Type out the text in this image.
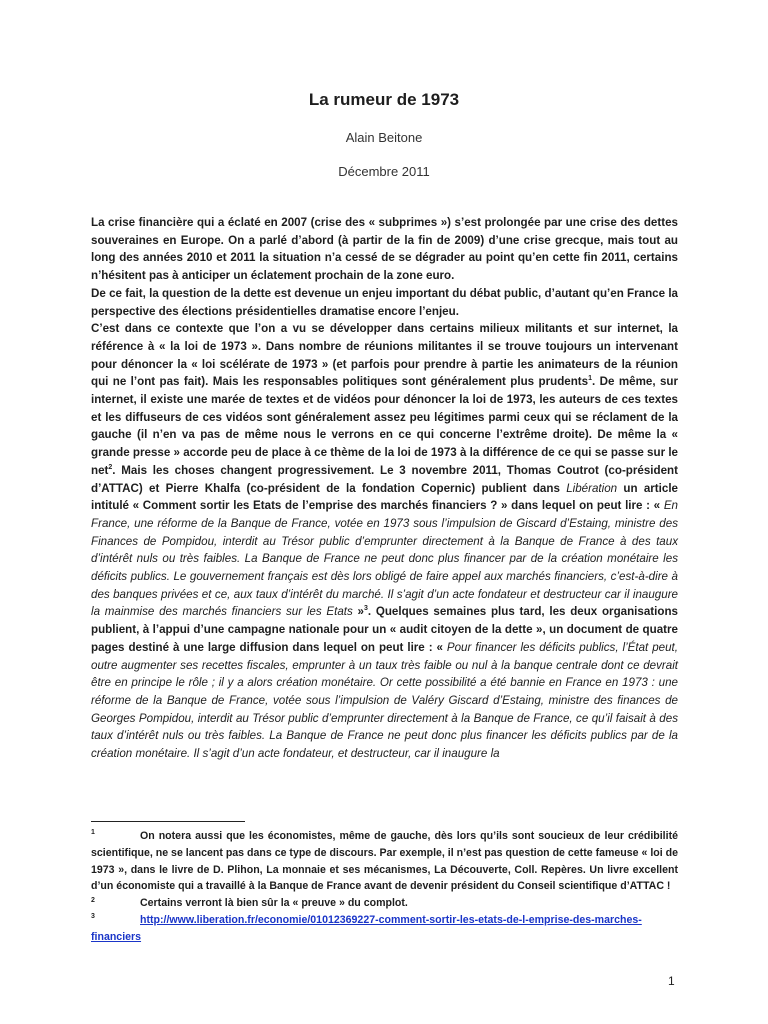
La rumeur de 1973
Alain Beitone
Décembre 2011

La crise financière qui a éclaté en 2007 (crise des « subprimes ») s’est prolongée par une crise des dettes souveraines en Europe. On a parlé d’abord (à partir de la fin de 2009) d’une crise grecque, mais tout au long des années 2010 et 2011 la situation n’a cessé de se dégrader au point qu’en cette fin 2011, certains n’hésitent pas à anticiper un éclatement prochain de la zone euro.

De ce fait, la question de la dette est devenue un enjeu important du débat public, d’autant qu’en France la perspective des élections présidentielles dramatise encore l’enjeu.

C’est dans ce contexte que l’on a vu se développer dans certains milieux militants et sur internet, la référence à « la loi de 1973 ». Dans nombre de réunions militantes il se trouve toujours un intervenant pour dénoncer la « loi scélérate de 1973 » (et parfois pour prendre à partie les animateurs de la réunion qui ne l’ont pas fait). Mais les responsables politiques sont généralement plus prudents$^1$. De même, sur internet, il existe une marée de textes et de vidéos pour dénoncer la loi de 1973, les auteurs de ces textes et les diffuseurs de ces vidéos sont généralement assez peu légitimes parmi ceux qui se réclament de la gauche (il n’en va pas de même nous le verrons en ce qui concerne l’extrême droite). De même la « grande presse » accorde peu de place à ce thème de la loi de 1973 à la différence de ce qui se passe sur le net$^2$. Mais les choses changent progressivement. Le 3 novembre 2011, Thomas Coutrot (co-président d’ATTAC) et Pierre Khalfa (co-président de la fondation Copernic) publient dans Libération un article intitulé « Comment sortir les Etats de l’emprise des marchés financiers ? » dans lequel on peut lire : « En France, une réforme de la Banque de France, votée en 1973 sous l’impulsion de Giscard d’Estaing, ministre des Finances de Pompidou, interdit au Trésor public d’emprunter directement à la Banque de France à des taux d’intérêt nuls ou très faibles. La Banque de France ne peut donc plus financer par de la création monétaire les déficits publics. Le gouvernement français est dès lors obligé de faire appel aux marchés financiers, c’est-à-dire à des banques privées et ce, aux taux d’intérêt du marché. Il s’agit d’un acte fondateur et destructeur car il inaugure la mainmise des marchés financiers sur les Etats »$^3$. Quelques semaines plus tard, les deux organisations publient, à l’appui d’une campagne nationale pour un « audit citoyen de la dette », un document de quatre pages destiné à une large diffusion dans lequel on peut lire : « Pour financer les déficits publics, l’État peut, outre augmenter ses recettes fiscales, emprunter à un taux très faible ou nul à la banque centrale dont ce devrait être en principe le rôle ; il y a alors création monétaire. Or cette possibilité a été bannie en France en 1973 : une réforme de la Banque de France, votée sous l’impulsion de Valéry Giscard d’Estaing, ministre des finances de Georges Pompidou, interdit au Trésor public d’emprunter directement à la Banque de France, ce qu’il faisait à des taux d’intérêt nuls ou très faibles. La Banque de France ne peut donc plus financer les déficits publics par de la création monétaire. Il s’agit d’un acte fondateur, et destructeur, car il inaugure la

1	On notera aussi que les économistes, même de gauche, dès lors qu’ils sont soucieux de leur crédibilité scientifique, ne se lancent pas dans ce type de discours. Par exemple, il n’est pas question de cette fameuse « loi de 1973 », dans le livre de D. Plihon, La monnaie et ses mécanismes, La Découverte, Coll. Repères. Un livre excellent d’un économiste qui a travaillé à la Banque de France avant de devenir président du Conseil scientifique d’ATTAC !

2	Certains verront là bien sûr la « preuve » du complot.

3	http://www.liberation.fr/economie/01012369227-comment-sortir-les-etats-de-l-emprise-des-marches-financiers

1
